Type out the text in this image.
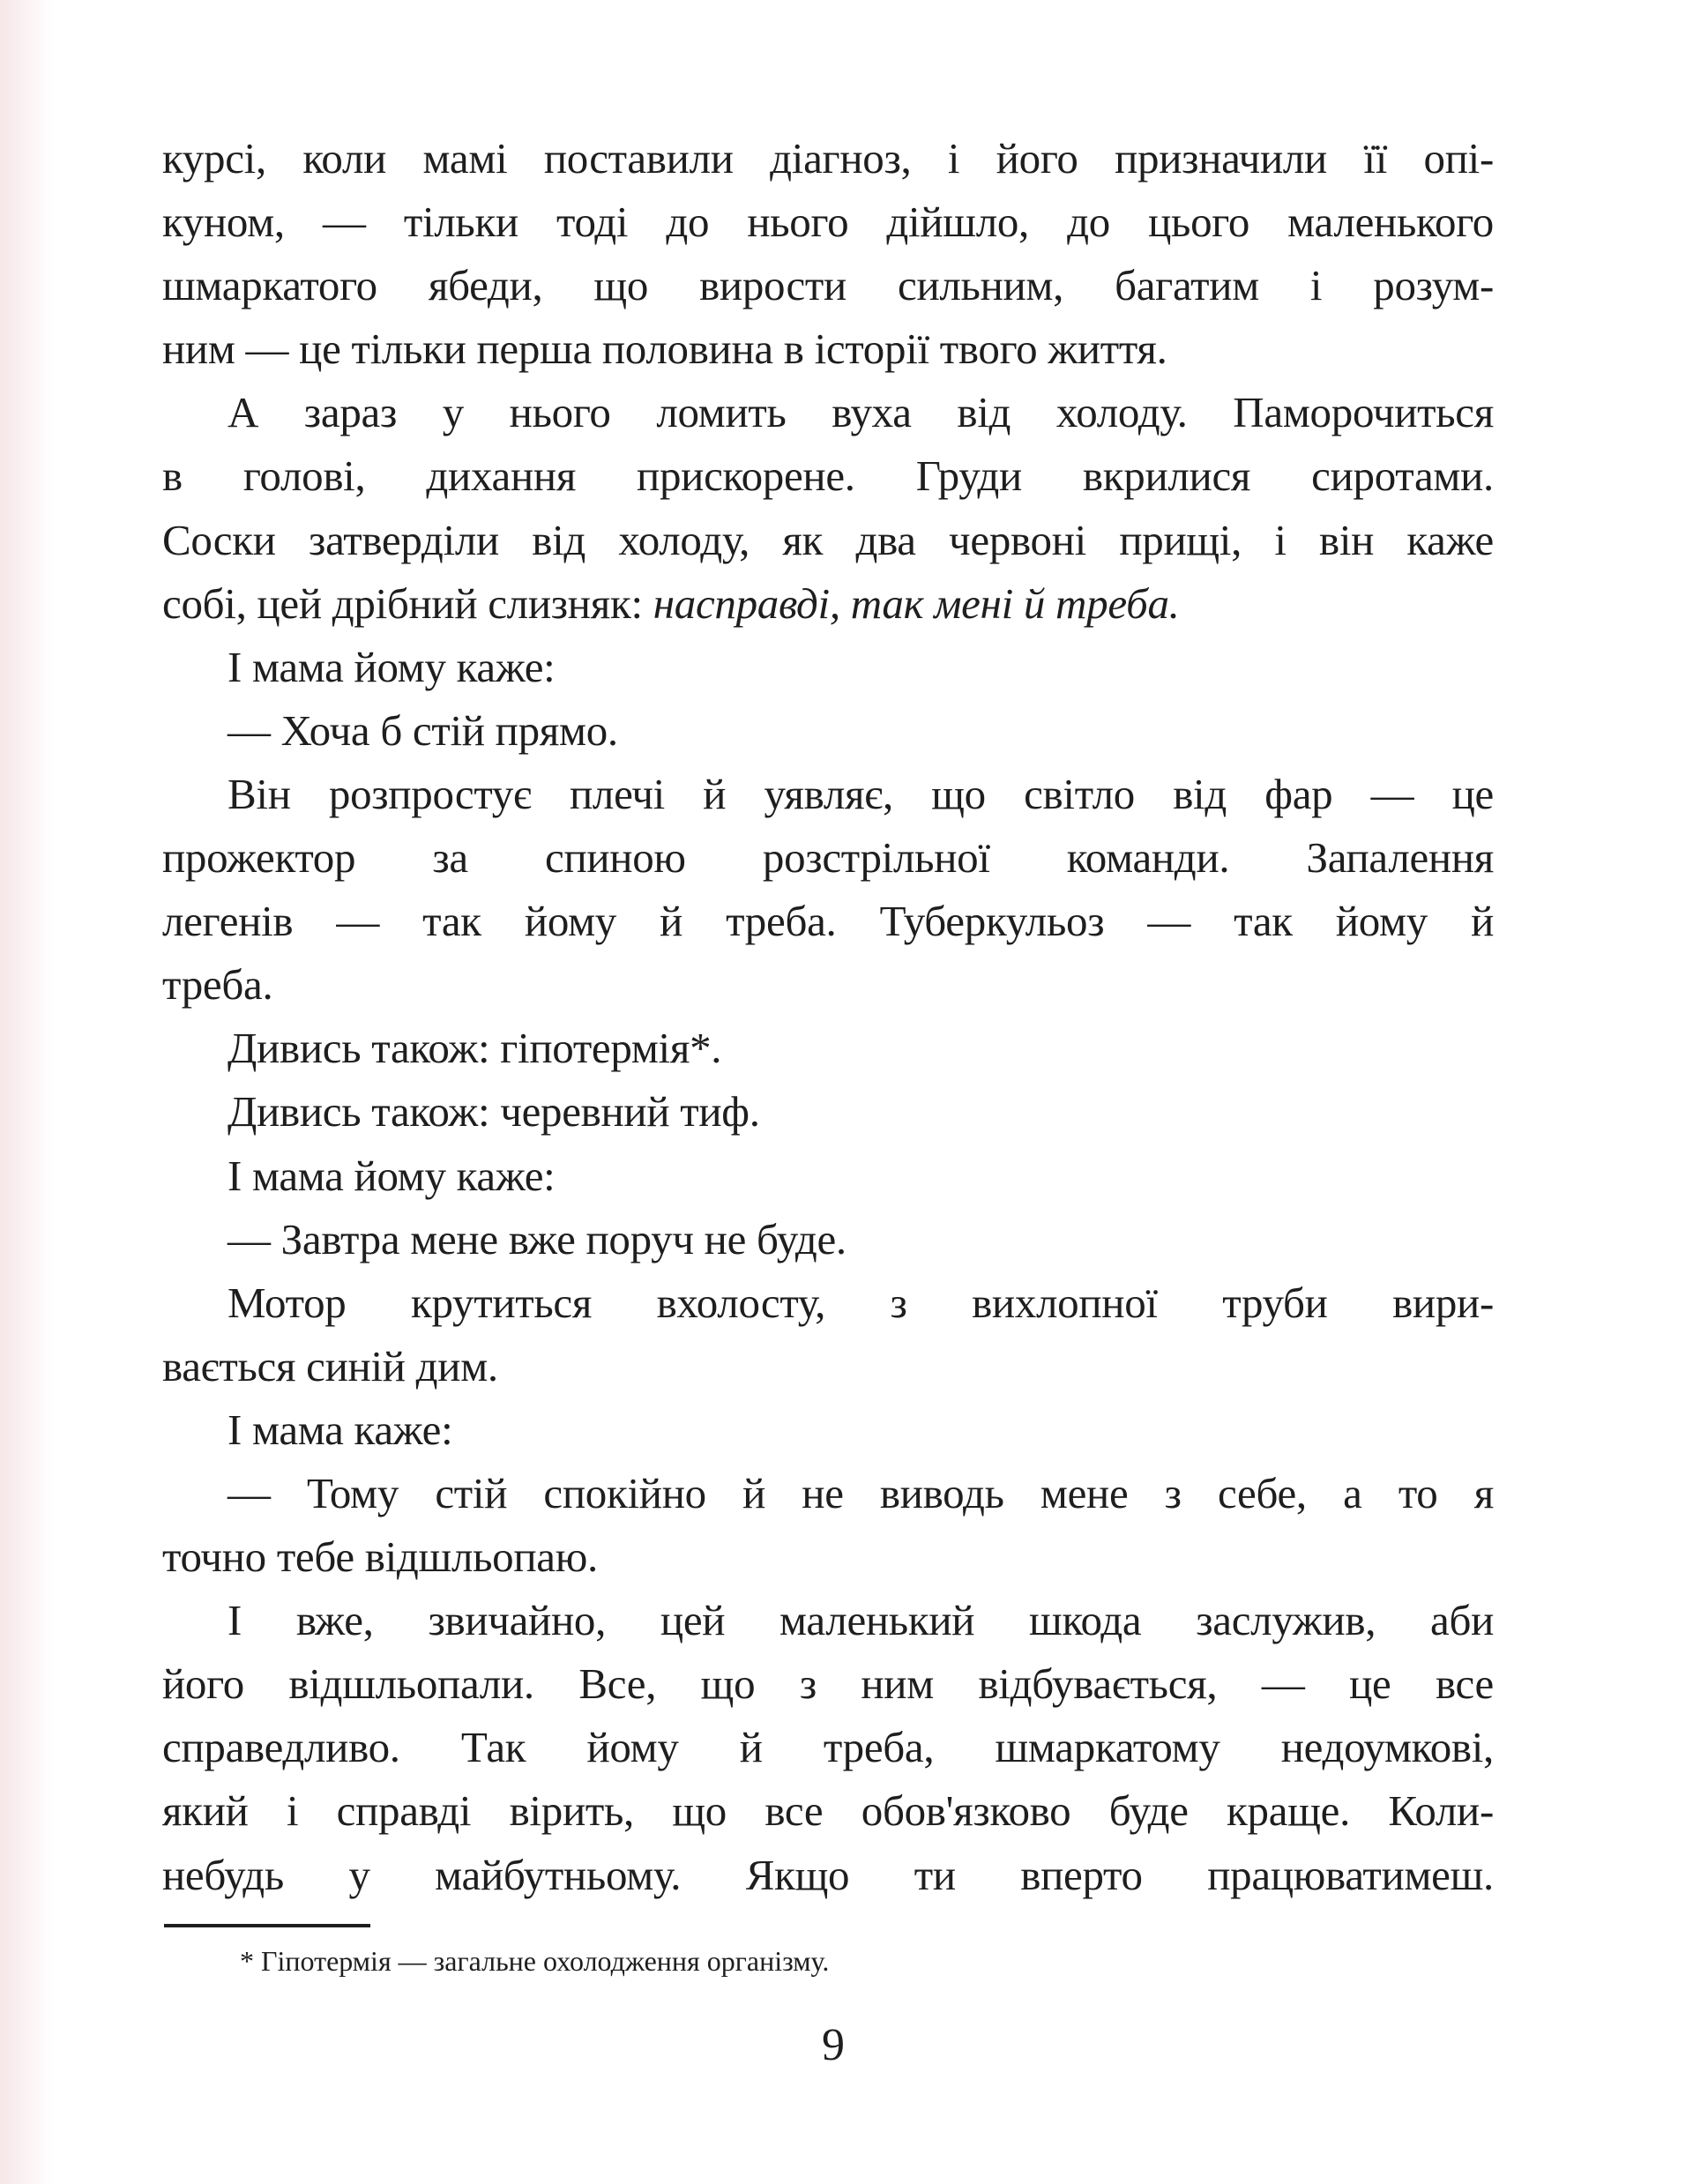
курсі, коли мамі поставили діагноз, і його призначили її опі-
куном, — тільки тоді до нього дійшло, до цього маленького
шмаркатого ябеди, що вирости сильним, багатим і розум-
ним — це тільки перша половина в історії твого життя.
А зараз у нього ломить вуха від холоду. Паморочиться
в голові, дихання прискорене. Груди вкрилися сиротами.
Соски затверділи від холоду, як два червоні прищі, і він каже
собі, цей дрібний слизняк: насправді, так мені й треба.
І мама йому каже:
— Хоча б стій прямо.
Він розпростує плечі й уявляє, що світло від фар — це
прожектор за спиною розстрільної команди. Запалення
легенів — так йому й треба. Туберкульоз — так йому й
треба.
Дивись також: гіпотермія*.
Дивись також: черевний тиф.
І мама йому каже:
— Завтра мене вже поруч не буде.
Мотор крутиться вхолосту, з вихлопної труби вири-
вається синій дим.
І мама каже:
— Тому стій спокійно й не виводь мене з себе, а то я
точно тебе відшльопаю.
І вже, звичайно, цей маленький шкода заслужив, аби
його відшльопали. Все, що з ним відбувається, — це все
справедливо. Так йому й треба, шмаркатому недоумкові,
який і справді вірить, що все обов'язково буде краще. Коли-
небудь у майбутньому. Якщо ти вперто працюватимеш.
* Гіпотермія — загальне охолодження організму.
9
